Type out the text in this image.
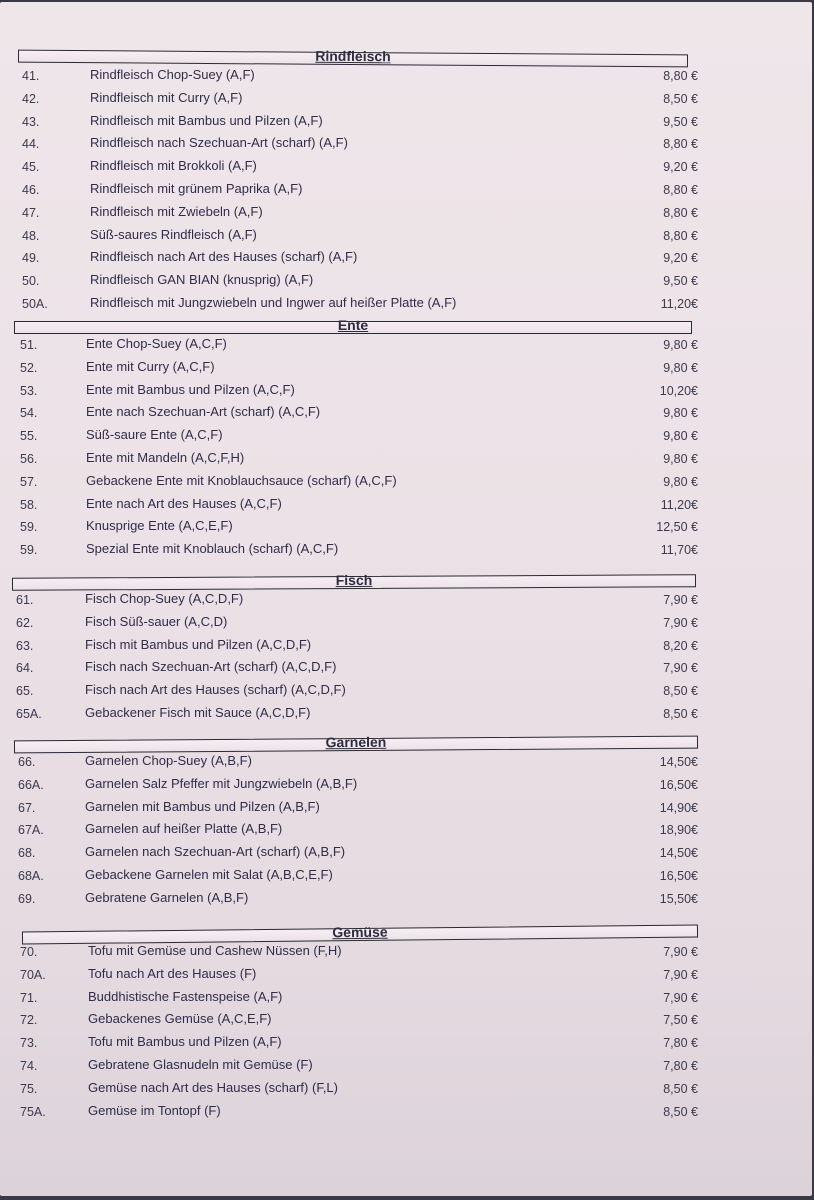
Rindfleisch
41.	Rindfleisch Chop-Suey (A,F)	8,80 €
42.	Rindfleisch mit Curry (A,F)	8,50 €
43.	Rindfleisch mit Bambus und Pilzen (A,F)	9,50 €
44.	Rindfleisch nach Szechuan-Art (scharf) (A,F)	8,80 €
45.	Rindfleisch mit Brokkoli (A,F)	9,20 €
46.	Rindfleisch mit grünem Paprika (A,F)	8,80 €
47.	Rindfleisch mit Zwiebeln (A,F)	8,80 €
48.	Süß-saures Rindfleisch (A,F)	8,80 €
49.	Rindfleisch nach Art des Hauses (scharf) (A,F)	9,20 €
50.	Rindfleisch GAN BIAN (knusprig) (A,F)	9,50 €
50A.	Rindfleisch mit Jungzwiebeln und Ingwer auf heißer Platte (A,F)	11,20€
Ente
51.	Ente Chop-Suey (A,C,F)	9,80 €
52.	Ente mit Curry (A,C,F)	9,80 €
53.	Ente mit Bambus und Pilzen (A,C,F)	10,20€
54.	Ente nach Szechuan-Art (scharf) (A,C,F)	9,80 €
55.	Süß-saure Ente (A,C,F)	9,80 €
56.	Ente mit Mandeln (A,C,F,H)	9,80 €
57.	Gebackene Ente mit Knoblauchsauce (scharf) (A,C,F)	9,80 €
58.	Ente nach Art des Hauses (A,C,F)	11,20€
59.	Knusprige Ente (A,C,E,F)	12,50 €
59.	Spezial Ente mit Knoblauch (scharf) (A,C,F)	11,70€
Fisch
61.	Fisch Chop-Suey (A,C,D,F)	7,90 €
62.	Fisch Süß-sauer (A,C,D)	7,90 €
63.	Fisch mit Bambus und Pilzen (A,C,D,F)	8,20 €
64.	Fisch nach Szechuan-Art (scharf) (A,C,D,F)	7,90 €
65.	Fisch nach Art des Hauses (scharf) (A,C,D,F)	8,50 €
65A.	Gebackener Fisch mit Sauce (A,C,D,F)	8,50 €
Garnelen
66.	Garnelen Chop-Suey (A,B,F)	14,50€
66A.	Garnelen Salz Pfeffer mit Jungzwiebeln (A,B,F)	16,50€
67.	Garnelen mit Bambus und Pilzen (A,B,F)	14,90€
67A.	Garnelen auf heißer Platte (A,B,F)	18,90€
68.	Garnelen nach Szechuan-Art (scharf) (A,B,F)	14,50€
68A.	Gebackene Garnelen mit Salat (A,B,C,E,F)	16,50€
69.	Gebratene Garnelen (A,B,F)	15,50€
Gemüse
70.	Tofu mit Gemüse und Cashew Nüssen (F,H)	7,90 €
70A.	Tofu nach Art des Hauses (F)	7,90 €
71.	Buddhistische Fastenspeise (A,F)	7,90 €
72.	Gebackenes Gemüse (A,C,E,F)	7,50 €
73.	Tofu mit Bambus und Pilzen (A,F)	7,80 €
74.	Gebratene Glasnudeln mit Gemüse (F)	7,80 €
75.	Gemüse nach Art des Hauses (scharf) (F,L)	8,50 €
75A.	Gemüse im Tontopf (F)	8,50 €
